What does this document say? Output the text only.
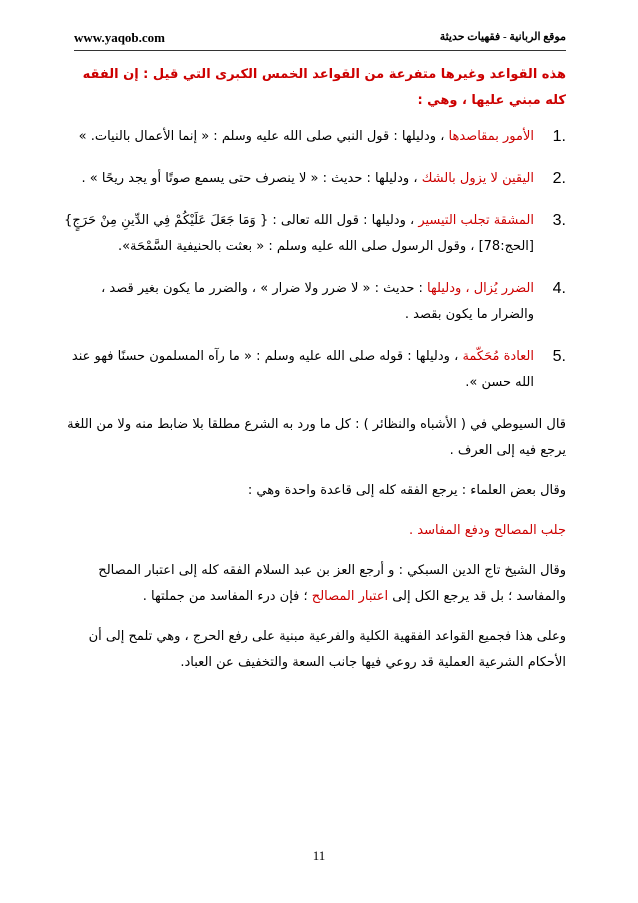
www.yaqob.com	موقع الربانية - فقهيات حديثة

هذه القواعد وغيرها متفرعة من القواعد الخمس الكبرى التي قيل : إن الفقه كله مبني عليها ، وهي :

1.
الأمور بمقاصدها ، ودليلها : قول النبي صلى الله عليه وسلم : « إنما الأعمال بالنيات. »
2.
اليقين لا يزول بالشك ، ودليلها : حديث : « لا ينصرف حتى يسمع صوتًا أو يجد ريحًا » .
3.
المشقة تجلب التيسير ، ودليلها : قول الله تعالى : { وَمَا جَعَلَ عَلَيْكُمْ فِي الدِّينِ مِنْ حَرَجٍ} [الحج:78] ، وقول الرسول صلى الله عليه وسلم : « بعثت بالحنيفية السَّمْحَة».
4.
الضرر يُزال ، ودليلها : حديث : « لا ضرر ولا ضرار » ، والضرر ما يكون بغير قصد ، والضرار ما يكون بقصد .
5.
العادة مُحَكّمة ، ودليلها : قوله صلى الله عليه وسلم : « ما رآه المسلمون حسنًا فهو عند الله حسن ».

قال السيوطي في ( الأشباه والنظائر ) : كل ما ورد به الشرع مطلقا بلا ضابط منه ولا من اللغة يرجع فيه إلى العرف .

وقال بعض العلماء : يرجع الفقه كله إلى قاعدة واحدة وهي :

جلب المصالح ودفع المفاسد .

وقال الشيخ تاج الدين السبكي : و أرجع العز بن عبد السلام الفقه كله إلى اعتبار المصالح والمفاسد ؛ بل قد يرجع الكل إلى اعتبار المصالح ؛ فإن درء المفاسد من جملتها .

وعلى هذا فجميع القواعد الفقهية الكلية والفرعية مبنية على رفع الحرج ، وهي تلمح إلى أن الأحكام الشرعية العملية قد روعي فيها جانب السعة والتخفيف عن العباد.

11
